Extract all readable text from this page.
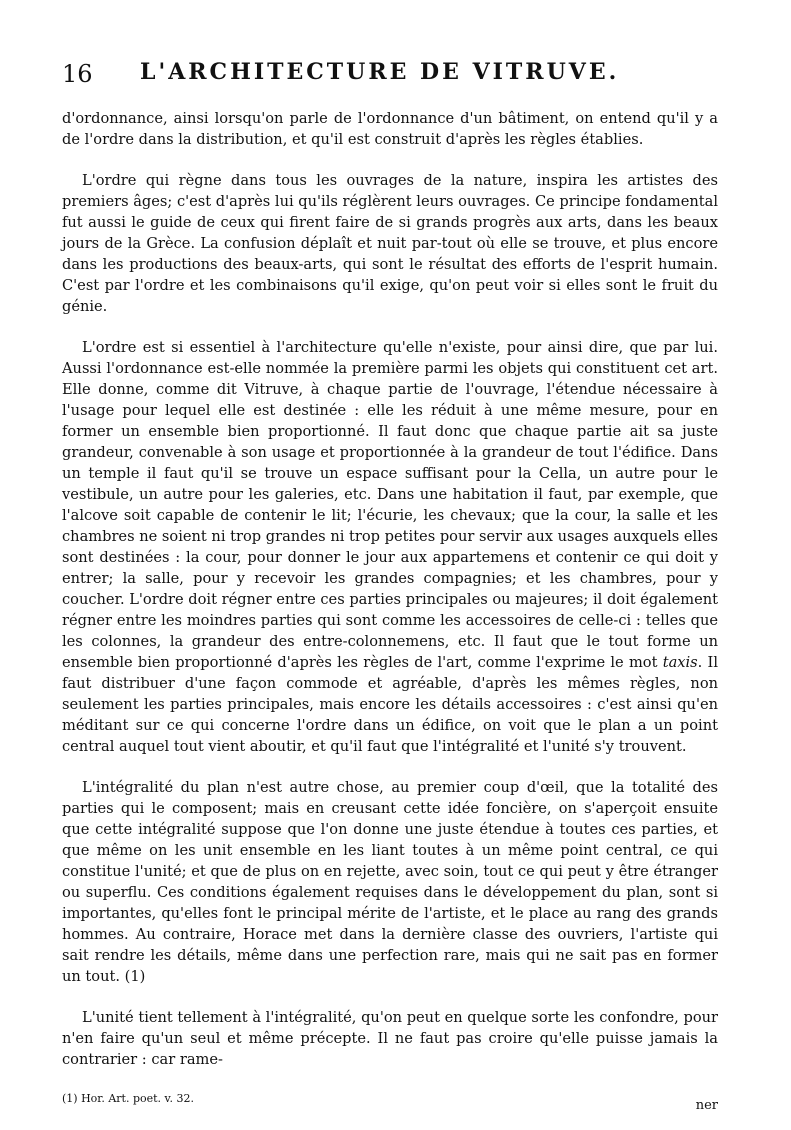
16 L'ARCHITECTURE DE VITRUVE.

d'ordonnance, ainsi lorsqu'on parle de l'ordonnance d'un bâtiment, on entend qu'il y a de l'ordre dans la distribution, et qu'il est construit d'après les règles établies.

L'ordre qui règne dans tous les ouvrages de la nature, inspira les artistes des premiers âges; c'est d'après lui qu'ils réglèrent leurs ouvrages. Ce principe fondamental fut aussi le guide de ceux qui firent faire de si grands progrès aux arts, dans les beaux jours de la Grèce. La confusion déplaît et nuit par-tout où elle se trouve, et plus encore dans les productions des beaux-arts, qui sont le résultat des efforts de l'esprit humain. C'est par l'ordre et les combinaisons qu'il exige, qu'on peut voir si elles sont le fruit du génie.

L'ordre est si essentiel à l'architecture qu'elle n'existe, pour ainsi dire, que par lui. Aussi l'ordonnance est-elle nommée la première parmi les objets qui constituent cet art. Elle donne, comme dit Vitruve, à chaque partie de l'ouvrage, l'étendue nécessaire à l'usage pour lequel elle est destinée : elle les réduit à une même mesure, pour en former un ensemble bien proportionné. Il faut donc que chaque partie ait sa juste grandeur, convenable à son usage et proportionnée à la grandeur de tout l'édifice. Dans un temple il faut qu'il se trouve un espace suffisant pour la Cella, un autre pour le vestibule, un autre pour les galeries, etc. Dans une habitation il faut, par exemple, que l'alcove soit capable de contenir le lit; l'écurie, les chevaux; que la cour, la salle et les chambres ne soient ni trop grandes ni trop petites pour servir aux usages auxquels elles sont destinées : la cour, pour donner le jour aux appartemens et contenir ce qui doit y entrer; la salle, pour y recevoir les grandes compagnies; et les chambres, pour y coucher. L'ordre doit régner entre ces parties principales ou majeures; il doit également régner entre les moindres parties qui sont comme les accessoires de celle-ci : telles que les colonnes, la grandeur des entre-colonnemens, etc. Il faut que le tout forme un ensemble bien proportionné d'après les règles de l'art, comme l'exprime le mot taxis. Il faut distribuer d'une façon commode et agréable, d'après les mêmes règles, non seulement les parties principales, mais encore les détails accessoires : c'est ainsi qu'en méditant sur ce qui concerne l'ordre dans un édifice, on voit que le plan a un point central auquel tout vient aboutir, et qu'il faut que l'intégralité et l'unité s'y trouvent.

L'intégralité du plan n'est autre chose, au premier coup d'œil, que la totalité des parties qui le composent; mais en creusant cette idée foncière, on s'aperçoit ensuite que cette intégralité suppose que l'on donne une juste étendue à toutes ces parties, et que même on les unit ensemble en les liant toutes à un même point central, ce qui constitue l'unité; et que de plus on en rejette, avec soin, tout ce qui peut y être étranger ou superflu. Ces conditions également requises dans le développement du plan, sont si importantes, qu'elles font le principal mérite de l'artiste, et le place au rang des grands hommes. Au contraire, Horace met dans la dernière classe des ouvriers, l'artiste qui sait rendre les détails, même dans une perfection rare, mais qui ne sait pas en former un tout. (1)

L'unité tient tellement à l'intégralité, qu'on peut en quelque sorte les confondre, pour n'en faire qu'un seul et même précepte. Il ne faut pas croire qu'elle puisse jamais la contrarier : car rame-

(1) Hor. Art. poet. v. 32.	ner
